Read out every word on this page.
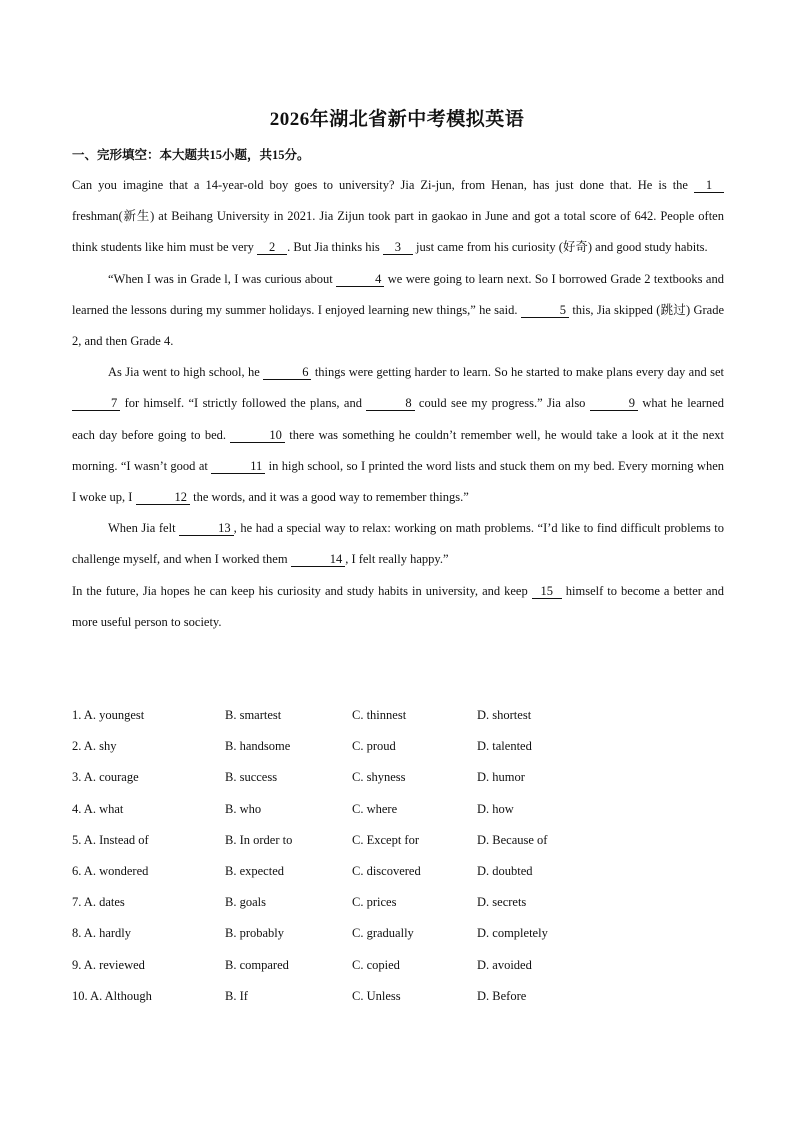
2026年湖北省新中考模拟英语
一、完形填空：本大题共15小题，共15分。

Can you imagine that a 14-year-old boy goes to university? Jia Zi-jun, from Henan, has just done that. He is the 1 freshman(新生) at Beihang University in 2021. Jia Zijun took part in gaokao in June and got a total score of 642. People often think students like him must be very 2 . But Jia thinks his 3 just came from his curiosity (好奇) and good study habits.

“When I was in Grade l, I was curious about	4 we were going to learn next. So I borrowed Grade 2 textbooks and learned the lessons during my summer holidays. I enjoyed learning new things,” he said.	5 this, Jia skipped (跳过) Grade 2, and then Grade 4.

As Jia went to high school, he	6 things were getting harder to learn. So he started to make plans every day and set 7 for himself. “I strictly followed the plans, and	8 could see my progress.” Jia also	9 what he learned each day before going to bed.	10 there was something he couldn’t remember well, he would take a look at it the next morning. “I wasn’t good at	11 in high school, so I printed the word lists and stuck them on my bed. Every morning when I woke up, I	12 the words, and it was a good way to remember things.”

When Jia felt	13 , he had a special way to relax: working on math problems. “I’d like to find difficult problems to challenge myself, and when I worked them	14 , I felt really happy.”

In the future, Jia hopes he can keep his curiosity and study habits in university, and keep 15 himself to become a better and more useful person to society.

1. A. youngest	B. smartest	C. thinnest	D. shortest
2. A. shy	B. handsome	C. proud	D. talented
3. A. courage	B. success	C. shyness	D. humor
4. A. what	B. who	C. where	D. how
5. A. Instead of	B. In order to	C. Except for	D. Because of
6. A. wondered	B. expected	C. discovered	D. doubted
7. A. dates	B. goals	C. prices	D. secrets
8. A. hardly	B. probably	C. gradually	D. completely
9. A. reviewed	B. compared	C. copied	D. avoided
10. A. Although	B. If	C. Unless	D. Before
